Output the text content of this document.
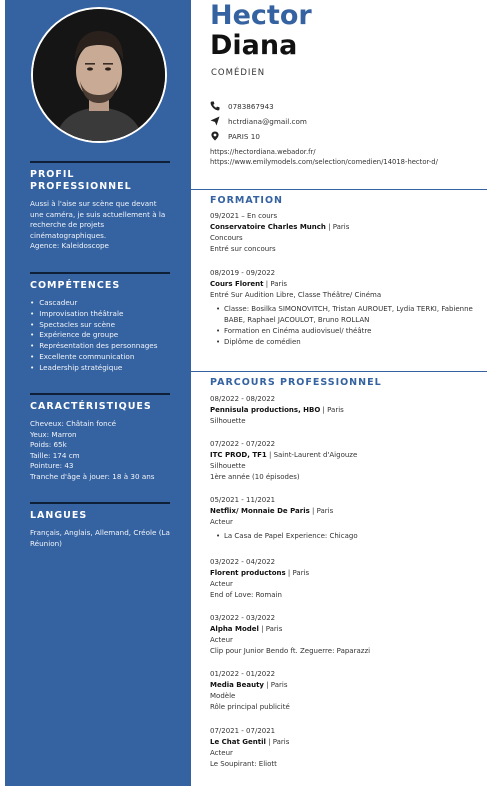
PROFIL PROFESSIONNEL

Aussi à l'aise sur scène que devant une caméra, je suis actuellement à la recherche de projets cinématographiques.

Agence: Kaleidoscope

COMPÉTENCES
• Cascadeur
• Improvisation théâtrale
• Spectacles sur scène
• Expérience de groupe
• Représentation des personnages
• Excellente communication
• Leadership stratégique
CARACTÉRISTIQUES

Cheveux: Châtain foncé

Yeux: Marron

Poids: 65k

Taille: 174 cm

Pointure: 43

Tranche d'âge à jouer: 18 à 30 ans

LANGUES

Français, Anglais, Allemand, Créole (La Réunion)

Hector
Diana
COMÉDIEN
0783867943
hctrdiana@gmail.com
PARIS 10
https://hectordiana.webador.fr/
https://www.emilymodels.com/selection/comedien/14018-hector-d/
FORMATION
09/2021 – En cours
Conservatoire Charles Munch | Paris
Concours
Entré sur concours
08/2019 - 09/2022
Cours Florent | Paris
Entré Sur Audition Libre, Classe Théâtre/ Cinéma
• Classe: Bosilka SIMONOVITCH, Tristan AUROUET, Lydia TERKI, Fabienne BABE, Raphael JACOULOT, Bruno ROLLAN
• Formation en Cinéma audiovisuel/ théâtre
• Diplôme de comédien
PARCOURS PROFESSIONNEL
08/2022 - 08/2022
Pennisula productions, HBO | Paris
Silhouette
07/2022 - 07/2022
ITC PROD, TF1 | Saint-Laurent d'Aigouze
Silhouette
1ère année (10 épisodes)
05/2021 - 11/2021
Netflix/ Monnaie De Paris | Paris
Acteur
• La Casa de Papel Experience: Chicago
03/2022 - 04/2022
Florent productons | Paris
Acteur
End of Love: Romain
03/2022 - 03/2022
Alpha Model | Paris
Acteur
Clip pour Junior Bendo ft. Zeguerre: Paparazzi
01/2022 - 01/2022
Media Beauty | Paris
Modèle
Rôle principal publicité
07/2021 - 07/2021
Le Chat Gentil | Paris
Acteur
Le Soupirant: Eliott
